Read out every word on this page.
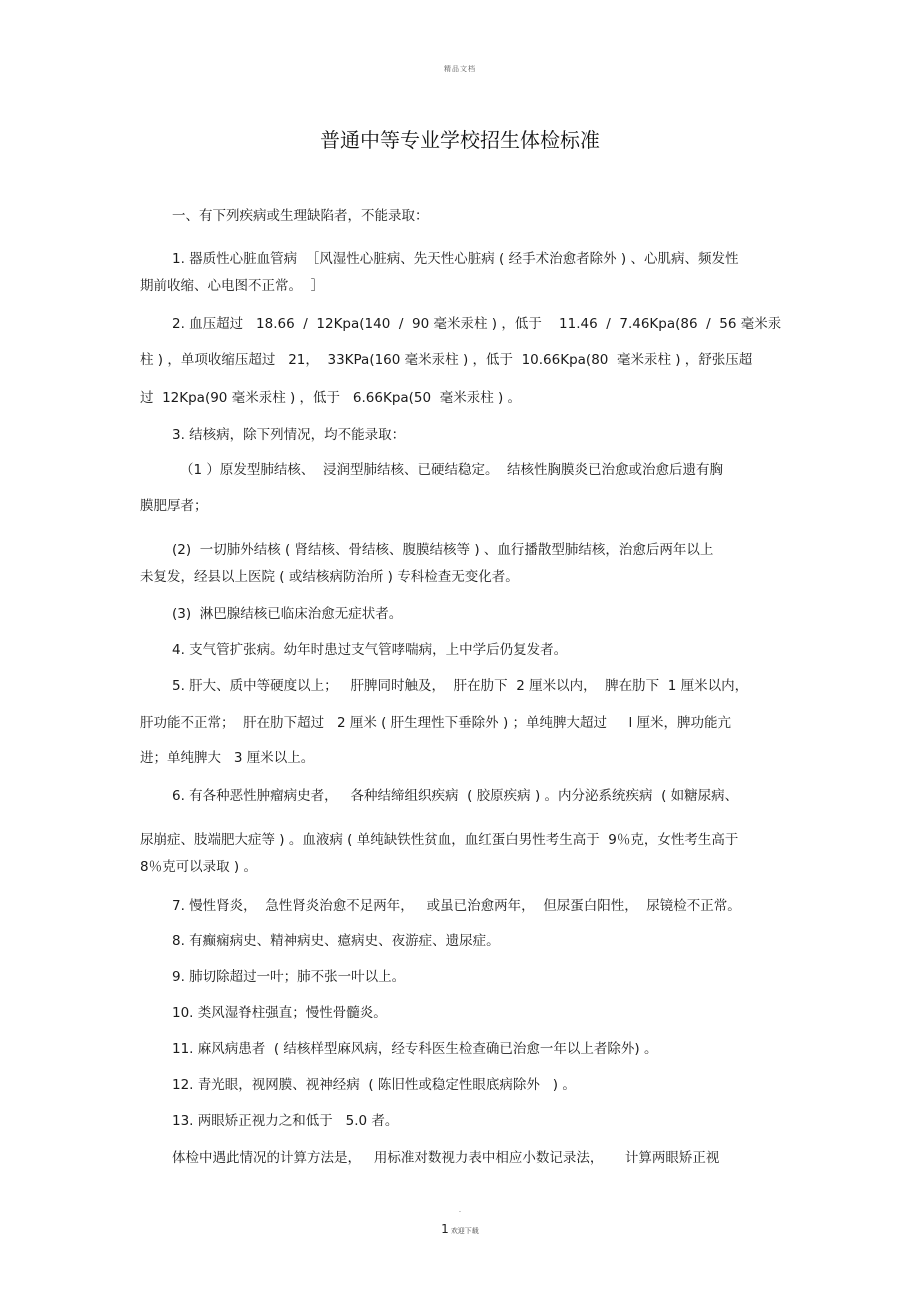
精品文档
普通中等专业学校招生体检标准
一、有下列疾病或生理缺陷者，不能录取：
1. 器质性心脏血管病  ［风湿性心脏病、先天性心脏病 ( 经手术治愈者除外 ) 、心肌病、频发性
期前收缩、心电图不正常。  ］
2. 血压超过   18.66  /  12Kpa(140  /  90 毫米汞柱 ) ，低于    11.46  /  7.46Kpa(86  /  56 毫米汞
柱 ) ，单项收缩压超过   21，  33KPa(160 毫米汞柱 ) ，低于  10.66Kpa(80  毫米汞柱 ) ，舒张压超
过  12Kpa(90 毫米汞柱 ) ，低于   6.66Kpa(50  毫米汞柱 ) 。
3. 结核病，除下列情况，均不能录取：
（1 ）原发型肺结核、  浸润型肺结核、已硬结稳定。  结核性胸膜炎已治愈或治愈后遗有胸
膜肥厚者；
(2)  一切肺外结核 ( 肾结核、骨结核、腹膜结核等 ) 、血行播散型肺结核，治愈后两年以上
未复发，经县以上医院 ( 或结核病防治所 ) 专科检查无变化者。
(3)  淋巴腺结核已临床治愈无症状者。
4. 支气管扩张病。幼年时患过支气管哮喘病，上中学后仍复发者。
5. 肝大、质中等硬度以上；   肝脾同时触及，  肝在肋下  2 厘米以内，  脾在肋下  1 厘米以内，
肝功能不正常；  肝在肋下超过   2 厘米 ( 肝生理性下垂除外 ) ；单纯脾大超过     l 厘米，脾功能亢
进；单纯脾大   3 厘米以上。
6. 有各种恶性肿瘤病史者，   各种结缔组织疾病  ( 胶原疾病 ) 。内分泌系统疾病  ( 如糖尿病、
尿崩症、肢端肥大症等 ) 。血液病 ( 单纯缺铁性贫血，血红蛋白男性考生高于  9％克，女性考生高于
8％克可以录取 ) 。
7. 慢性肾炎，  急性肾炎治愈不足两年，   或虽已治愈两年，  但尿蛋白阳性，  尿镜检不正常。
8. 有癫痫病史、精神病史、癔病史、夜游症、遗尿症。
9. 肺切除超过一叶；肺不张一叶以上。
10. 类风湿脊柱强直；慢性骨髓炎。
11. 麻风病患者  ( 结核样型麻风病，经专科医生检查确已治愈一年以上者除外) 。
12. 青光眼，视网膜、视神经病  ( 陈旧性或稳定性眼底病除外   ) 。
13. 两眼矫正视力之和低于   5.0 者。
体检中遇此情况的计算方法是，   用标准对数视力表中相应小数记录法，     计算两眼矫正视
-
1 欢迎下载
